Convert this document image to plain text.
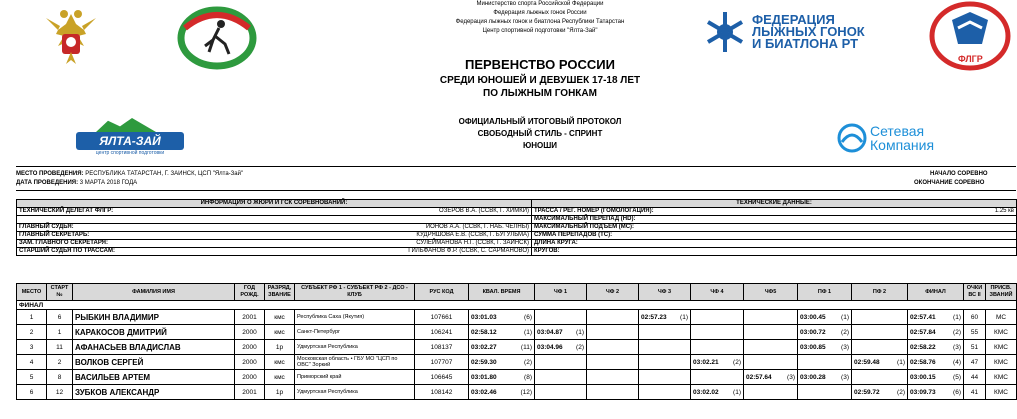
ФЕДЕРАЦИЯ
ЛЫЖНЫХ ГОНОК
И БИАТЛОНА РТ
ФЛГР
ЯЛТА-ЗАЙ
центр спортивной подготовки
Сетевая
Компания
Министерство спорта Российской Федерации
Федерация лыжных гонок России
Федерация лыжных гонок и биатлона Республики Татарстан
Центр спортивной подготовки "Ялта-Зай"
ПЕРВЕНСТВО РОССИИ
СРЕДИ ЮНОШЕЙ И ДЕВУШЕК 17-18 ЛЕТ
ПО ЛЫЖНЫМ ГОНКАМ
ОФИЦИАЛЬНЫЙ ИТОГОВЫЙ ПРОТОКОЛ
СВОБОДНЫЙ СТИЛЬ - СПРИНТ
ЮНОШИ
МЕСТО ПРОВЕДЕНИЯ: РЕСПУБЛИКА ТАТАРСТАН, Г. ЗАИНСК, ЦСП "Ялта-Зай"
ДАТА ПРОВЕДЕНИЯ: 3 МАРТА 2018 ГОДА
НАЧАЛО СОРЕВНО
ОКОНЧАНИЕ СОРЕВНО
ИНФОРМАЦИЯ О ЖЮРИ И ГСК СОРЕВНОВАНИЙ:	ТЕХНИЧЕСКИЕ ДАННЫЕ:
ТЕХНИЧЕСКИЙ ДЕЛЕГАТ ФЛГР: ОЗЕРОВ В.А. (ССВК, Г. ХИМКИ)	ТРАССА / РЕГ. НОМЕР (ГОМОЛОГАЦИЯ): 1.25 кв

	МАКСИМАЛЬНЫЙ ПЕРЕПАД (HD):
ГЛАВНЫЙ СУДЬЯ: ИОНОВ А.А. (ССВК, Г. НАБ. ЧЕЛНЫ)	МАКСИМАЛЬНЫЙ ПОДЪЕМ (МС):
ГЛАВНЫЙ СЕКРЕТАРЬ: КУДРЯШОВА Е.В. (ССВК, Г. БУГУЛЬМА)	СУММА ПЕРЕПАДОВ (ТС):
ЗАМ. ГЛАВНОГО СЕКРЕТАРЯ: СУЛЕЙМАНОВА Н.Г. (ССВК, Г. ЗАИНСК)	ДЛИНА КРУГА:
СТАРШИЙ СУДЬЯ ПО ТРАССАМ: ГИЛЬФАНОВ Ф.Р. (ССВК, С. САРМАНОВО)	КРУГОВ:
МЕСТО	СТАРТ №	ФАМИЛИЯ ИМЯ	ГОД РОЖД.	РАЗРЯД, ЗВАНИЕ	СУБЪЕКТ РФ 1 - СУБЪЕКТ РФ 2 - ДСО - КЛУБ	РУС КОД	КВАЛ. ВРЕМЯ	ЧФ 1	ЧФ 2	ЧФ 3	ЧФ 4	ЧФ5	ПФ 1	ПФ 2	ФИНАЛ	ОЧКИ ВС II	ПРИСВ. ЗВАНИЙ
ФИНАЛ																	
1	6	РЫБКИН ВЛАДИМИР	2001	кмс	Республика Саха (Якутия)	107661	03:01.03 (6)			02:57.23 (1)			03:00.45 (1)		02:57.41 (1)	60	МС
2	1	КАРАКОСОВ ДМИТРИЙ	2000	кмс	Санкт-Петербург	106241	02:58.12 (1)	03:04.87 (1)					03:00.72 (2)		02:57.84 (2)	55	КМС
3	11	АФАНАСЬЕВ ВЛАДИСЛАВ	2000	1р	Удмуртская Республика	108137	03:02.27 (11)	03:04.96 (2)					03:00.85 (3)		02:58.22 (3)	51	КМС
4	2	ВОЛКОВ СЕРГЕЙ	2000	кмс	Московская область • ГБУ МО "ЦСП по ОВС" Зоркий	107707	02:59.30 (2)				03:02.21 (2)			02:59.48 (1)	02:58.76 (4)	47	КМС
5	8	ВАСИЛЬЕВ АРТЕМ	2000	кмс	Приморский край	106645	03:01.80 (8)					02:57.64 (3)	03:00.28 (3)		03:00.15 (5)	44	КМС
6	12	ЗУБКОВ АЛЕКСАНДР	2001	1р	Удмуртская Республика	108142	03:02.46 (12)				03:02.02 (1)			02:59.72 (2)	03:09.73 (6)	41	КМС
